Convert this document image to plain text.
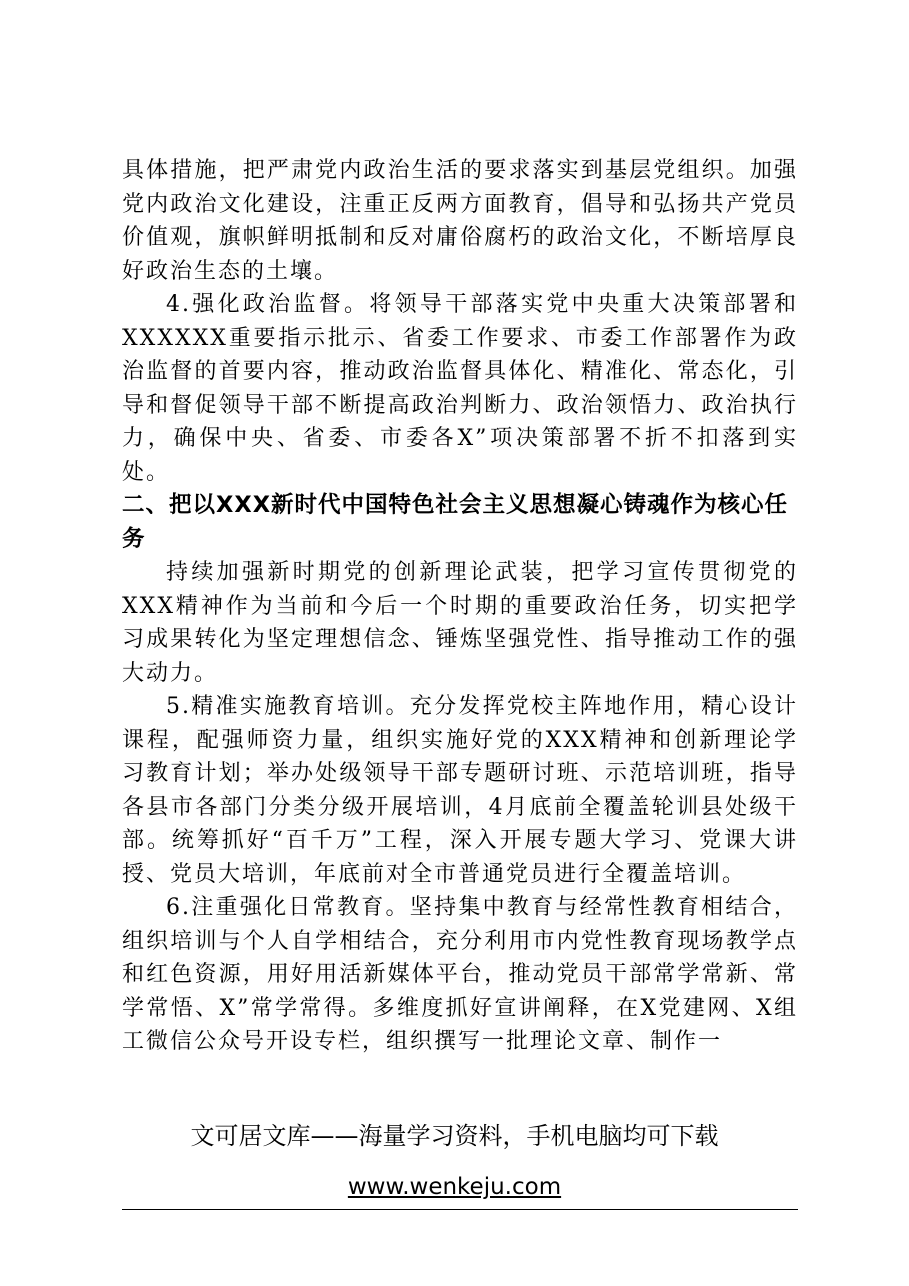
具体措施，把严肃党内政治生活的要求落实到基层党组织。加强党内政治文化建设，注重正反两方面教育，倡导和弘扬共产党员价值观，旗帜鲜明抵制和反对庸俗腐朽的政治文化，不断培厚良好政治生态的土壤。

4.强化政治监督。将领导干部落实党中央重大决策部署和XXXXXX重要指示批示、省委工作要求、市委工作部署作为政治监督的首要内容，推动政治监督具体化、精准化、常态化，引导和督促领导干部不断提高政治判断力、政治领悟力、政治执行力，确保中央、省委、市委各X”项决策部署不折不扣落到实处。

二、把以XXX新时代中国特色社会主义思想凝心铸魂作为核心任务

持续加强新时期党的创新理论武装，把学习宣传贯彻党的XXX精神作为当前和今后一个时期的重要政治任务，切实把学习成果转化为坚定理想信念、锤炼坚强党性、指导推动工作的强大动力。

5.精准实施教育培训。充分发挥党校主阵地作用，精心设计课程，配强师资力量，组织实施好党的XXX精神和创新理论学习教育计划；举办处级领导干部专题研讨班、示范培训班，指导各县市各部门分类分级开展培训，4月底前全覆盖轮训县处级干部。统筹抓好“百千万”工程，深入开展专题大学习、党课大讲授、党员大培训，年底前对全市普通党员进行全覆盖培训。

6.注重强化日常教育。坚持集中教育与经常性教育相结合，组织培训与个人自学相结合，充分利用市内党性教育现场教学点和红色资源，用好用活新媒体平台，推动党员干部常学常新、常学常悟、X”常学常得。多维度抓好宣讲阐释，在X党建网、X组工微信公众号开设专栏，组织撰写一批理论文章、制作一

文可居文库——海量学习资料，手机电脑均可下载
www.wenkeju.com
